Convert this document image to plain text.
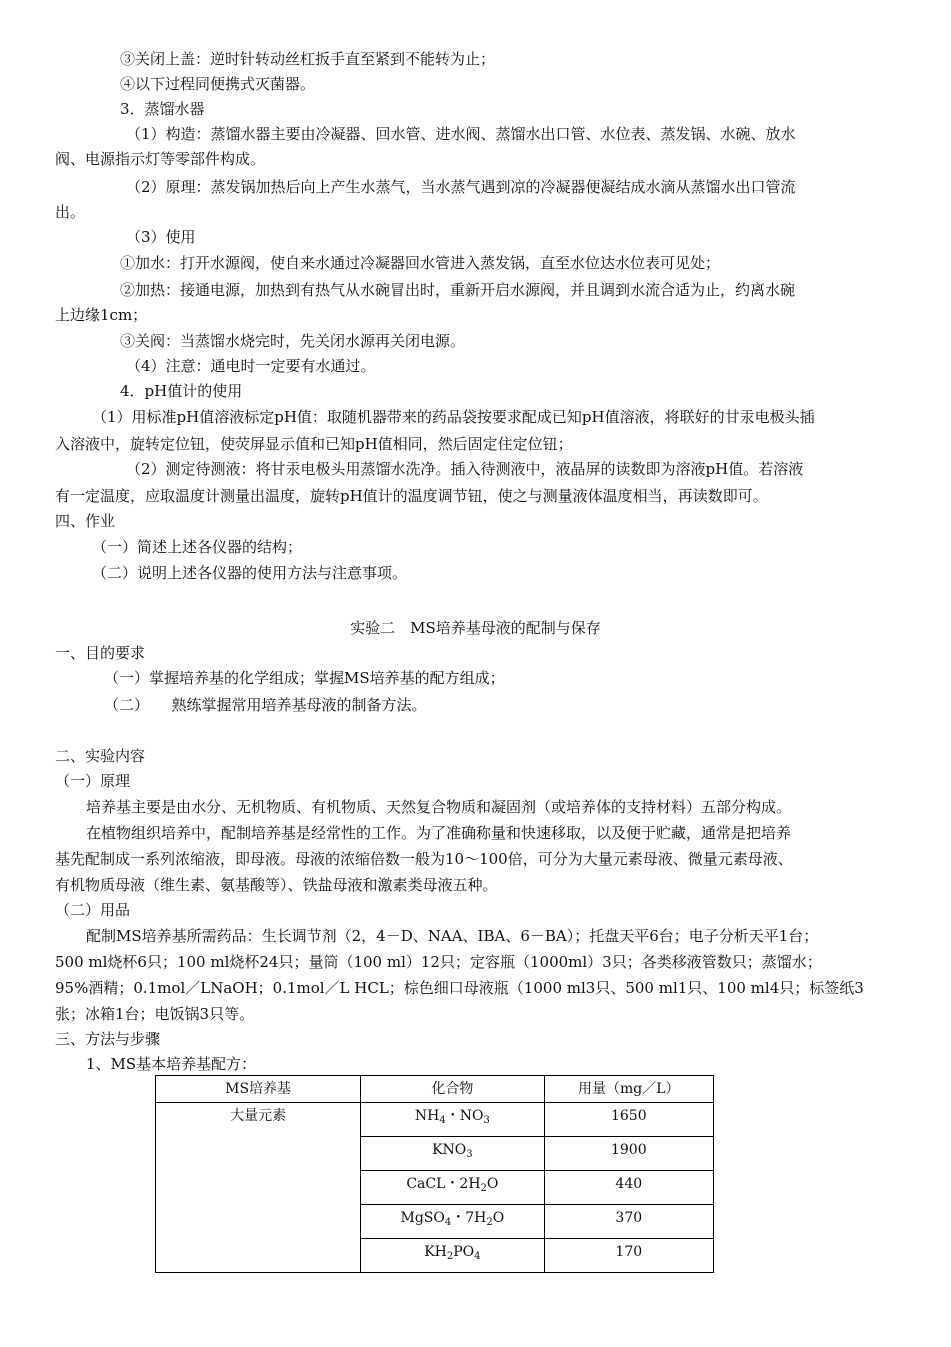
③关闭上盖：逆时针转动丝杠扳手直至紧到不能转为止；
④以下过程同便携式灭菌器。
3．蒸馏水器
（1）构造：蒸馏水器主要由冷凝器、回水管、进水阀、蒸馏水出口管、水位表、蒸发锅、水碗、放水
阀、电源指示灯等零部件构成。
（2）原理：蒸发锅加热后向上产生水蒸气，当水蒸气遇到凉的冷凝器便凝结成水滴从蒸馏水出口管流
出。
（3）使用
①加水：打开水源阀，使自来水通过冷凝器回水管进入蒸发锅，直至水位达水位表可见处；
②加热：接通电源，加热到有热气从水碗冒出时，重新开启水源阀，并且调到水流合适为止，约离水碗
上边缘1cm；
③关阀：当蒸馏水烧完时，先关闭水源再关闭电源。
（4）注意：通电时一定要有水通过。
4．pH值计的使用
（1）用标准pH值溶液标定pH值：取随机器带来的药品袋按要求配成已知pH值溶液，将联好的甘汞电极头插
入溶液中，旋转定位钮，使荧屏显示值和已知pH值相同，然后固定住定位钮；
（2）测定待测液：将甘汞电极头用蒸馏水洗净。插入待测液中，液晶屏的读数即为溶液pH值。若溶液
有一定温度，应取温度计测量出温度，旋转pH值计的温度调节钮，使之与测量液体温度相当，再读数即可。
四、作业
（一）简述上述各仪器的结构；
（二）说明上述各仪器的使用方法与注意事项。
实验二　MS培养基母液的配制与保存
一、目的要求
（一）掌握培养基的化学组成；掌握MS培养基的配方组成；
（二）　　熟练掌握常用培养基母液的制备方法。
二、实验内容
（一）原理
培养基主要是由水分、无机物质、有机物质、天然复合物质和凝固剂（或培养体的支持材料）五部分构成。
在植物组织培养中，配制培养基是经常性的工作。为了准确称量和快速移取，以及便于贮藏，通常是把培养
基先配制成一系列浓缩液，即母液。母液的浓缩倍数一般为10～100倍，可分为大量元素母液、微量元素母液、
有机物质母液（维生素、氨基酸等）、铁盐母液和激素类母液五种。
（二）用品
配制MS培养基所需药品：生长调节剂（2，4－D、NAA、IBA、6－BA）；托盘天平6台；电子分析天平1台；
500 ml烧杯6只；100 ml烧杯24只；量筒（100 ml）12只；定容瓶（1000ml）3只；各类移液管数只；蒸馏水；
95%酒精；0.1mol／LNaOH；0.1mol／L HCL；棕色细口母液瓶（1000 ml3只、500 ml1只、100 ml4只；标签纸3
张；冰箱1台；电饭锅3只等。
三、方法与步骤
1、MS基本培养基配方：
MS培养基	化合物	用量（mg／L）
大量元素	$NH_4$・$NO_3$	1650
	$KNO_3$	1900
	CaCL・$2H_2O$	440
	MgSO$_4$・$7H_2O$	370
	$KH_2PO_4$	170
